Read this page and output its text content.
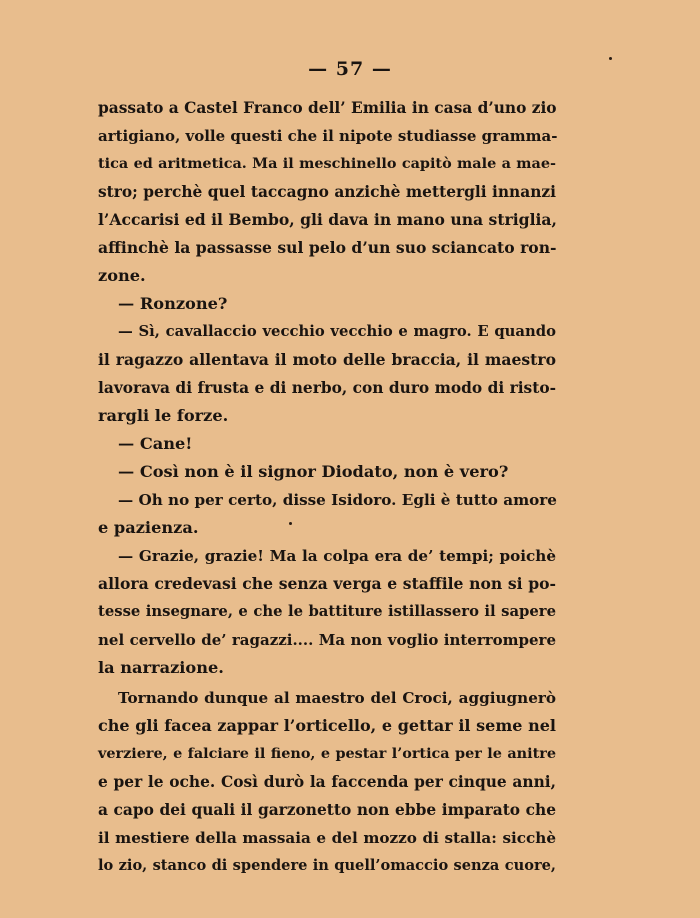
— 57 —
passato a Castel Franco dell’ Emilia in casa d’uno zio
artigiano, volle questi che il nipote studiasse gramma-
tica ed aritmetica. Ma il meschinello capitò male a mae-
stro; perchè quel taccagno anzichè mettergli innanzi
l’Accarisi ed il Bembo, gli dava in mano una striglia,
affinchè la passasse sul pelo d’un suo sciancato ron-
zone.
— Ronzone?
— Sì, cavallaccio vecchio vecchio e magro. E quando
il ragazzo allentava il moto delle braccia, il maestro
lavorava di frusta e di nerbo, con duro modo di risto-
rargli le forze.
— Cane!
— Così non è il signor Diodato, non è vero?
— Oh no per certo, disse Isidoro. Egli è tutto amore
e pazienza.
— Grazie, grazie! Ma la colpa era de’ tempi; poichè
allora credevasi che senza verga e staffile non si po-
tesse insegnare, e che le battiture istillassero il sapere
nel cervello de’ ragazzi.... Ma non voglio interrompere
la narrazione.
Tornando dunque al maestro del Croci, aggiugnerò
che gli facea zappar l’orticello, e gettar il seme nel
verziere, e falciare il fieno, e pestar l’ortica per le anitre
e per le oche. Così durò la faccenda per cinque anni,
a capo dei quali il garzonetto non ebbe imparato che
il mestiere della massaia e del mozzo di stalla: sicchè
lo zio, stanco di spendere in quell’omaccio senza cuore,
